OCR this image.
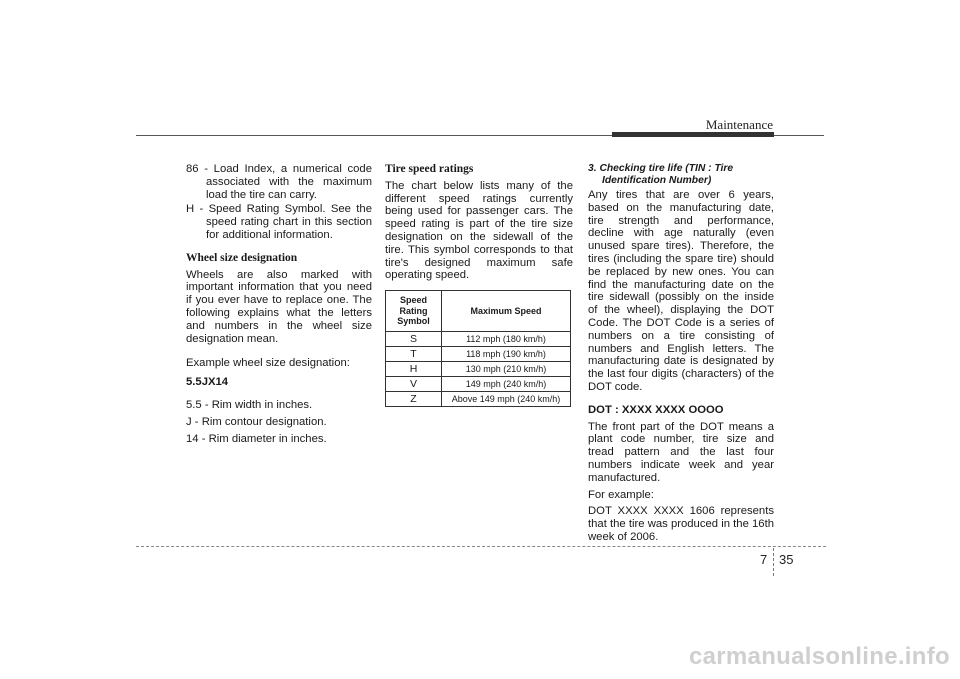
Maintenance

86 - Load Index, a numerical code associated with the maximum load the tire can carry.

H - Speed Rating Symbol. See the speed rating chart in this section for additional information.

Wheel size designation

Wheels are also marked with important information that you need if you ever have to replace one. The following explains what the letters and numbers in the wheel size designation mean.

Example wheel size designation:

5.5JX14

5.5 - Rim width in inches.

J - Rim contour designation.

14 - Rim diameter in inches.

Tire speed ratings

The chart below lists many of the different speed ratings currently being used for passenger cars. The speed rating is part of the tire size designation on the sidewall of the tire. This symbol corresponds to that tire's designed maximum safe operating speed.

Speed Rating Symbol	Maximum Speed
S	112 mph (180 km/h)
T	118 mph (190 km/h)
H	130 mph (210 km/h)
V	149 mph (240 km/h)
Z	Above 149 mph (240 km/h)

3. Checking tire life (TIN : Tire Identification Number)

Any tires that are over 6 years, based on the manufacturing date, tire strength and performance, decline with age naturally (even unused spare tires). Therefore, the tires (including the spare tire) should be replaced by new ones. You can find the manufacturing date on the tire sidewall (possibly on the inside of the wheel), displaying the DOT Code. The DOT Code is a series of numbers on a tire consisting of numbers and English letters. The manufacturing date is designated by the last four digits (characters) of the DOT code.

DOT : XXXX XXXX OOOO

The front part of the DOT means a plant code number, tire size and tread pattern and the last four numbers indicate week and year manufactured.

For example:

DOT XXXX XXXX 1606 represents that the tire was produced in the 16th week of 2006.

7 35
carmanualsonline.info
